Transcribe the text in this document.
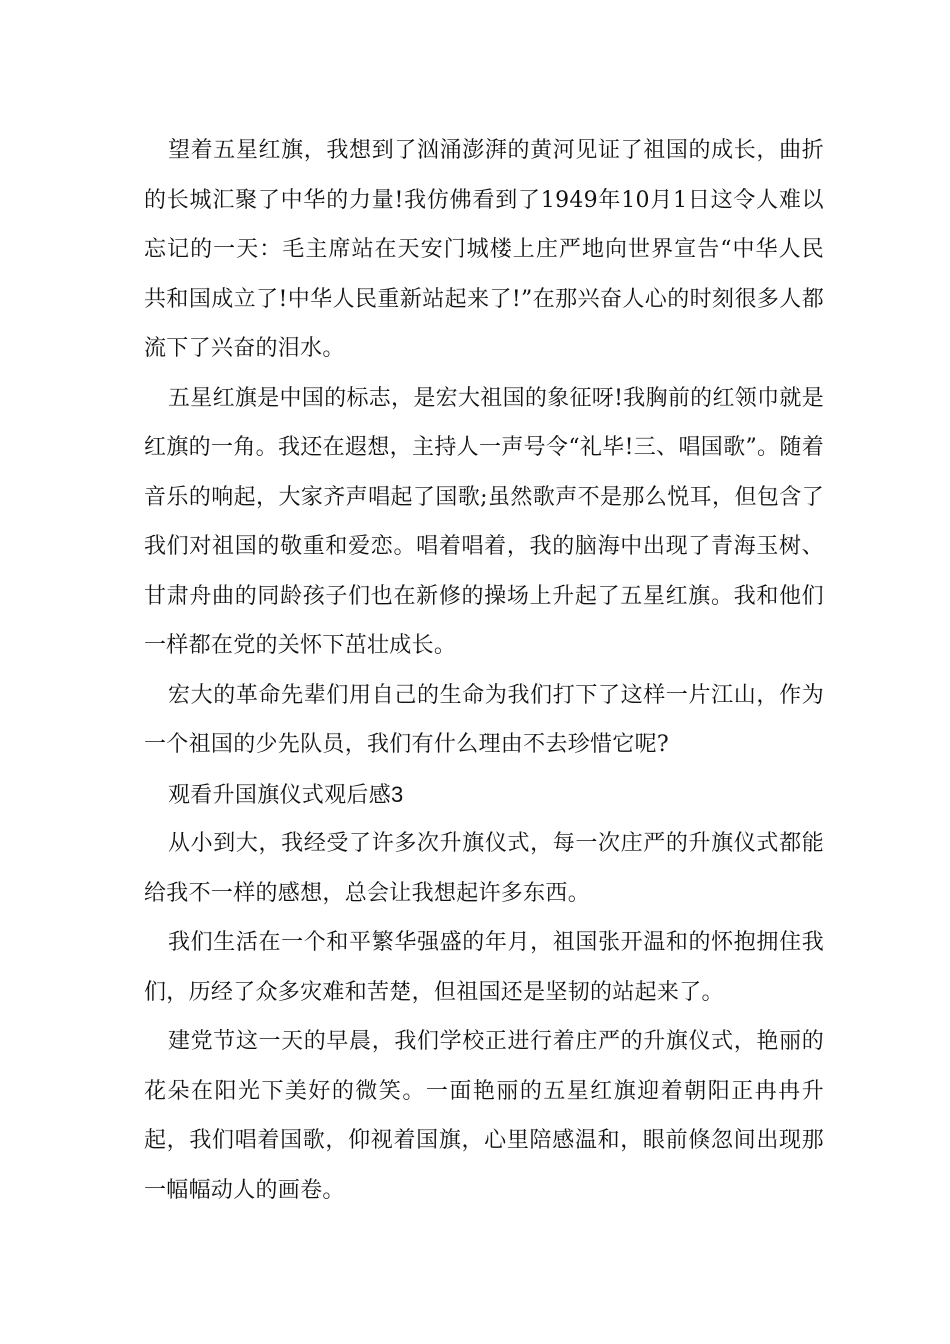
望着五星红旗，我想到了汹涌澎湃的黄河见证了祖国的成长，曲折的长城汇聚了中华的力量!我仿佛看到了1949年10月1日这令人难以忘记的一天：毛主席站在天安门城楼上庄严地向世界宣告“中华人民共和国成立了!中华人民重新站起来了!”在那兴奋人心的时刻很多人都流下了兴奋的泪水。

五星红旗是中国的标志，是宏大祖国的象征呀!我胸前的红领巾就是红旗的一角。我还在遐想，主持人一声号令“礼毕!三、唱国歌”。随着音乐的响起，大家齐声唱起了国歌;虽然歌声不是那么悦耳，但包含了我们对祖国的敬重和爱恋。唱着唱着，我的脑海中出现了青海玉树、甘肃舟曲的同龄孩子们也在新修的操场上升起了五星红旗。我和他们一样都在党的关怀下茁壮成长。

宏大的革命先辈们用自己的生命为我们打下了这样一片江山，作为一个祖国的少先队员，我们有什么理由不去珍惜它呢?

观看升国旗仪式观后感3

从小到大，我经受了许多次升旗仪式，每一次庄严的升旗仪式都能给我不一样的感想，总会让我想起许多东西。

我们生活在一个和平繁华强盛的年月，祖国张开温和的怀抱拥住我们，历经了众多灾难和苦楚，但祖国还是坚韧的站起来了。

建党节这一天的早晨，我们学校正进行着庄严的升旗仪式，艳丽的花朵在阳光下美好的微笑。一面艳丽的五星红旗迎着朝阳正冉冉升起，我们唱着国歌，仰视着国旗，心里陪感温和，眼前倏忽间出现那一幅幅动人的画卷。
